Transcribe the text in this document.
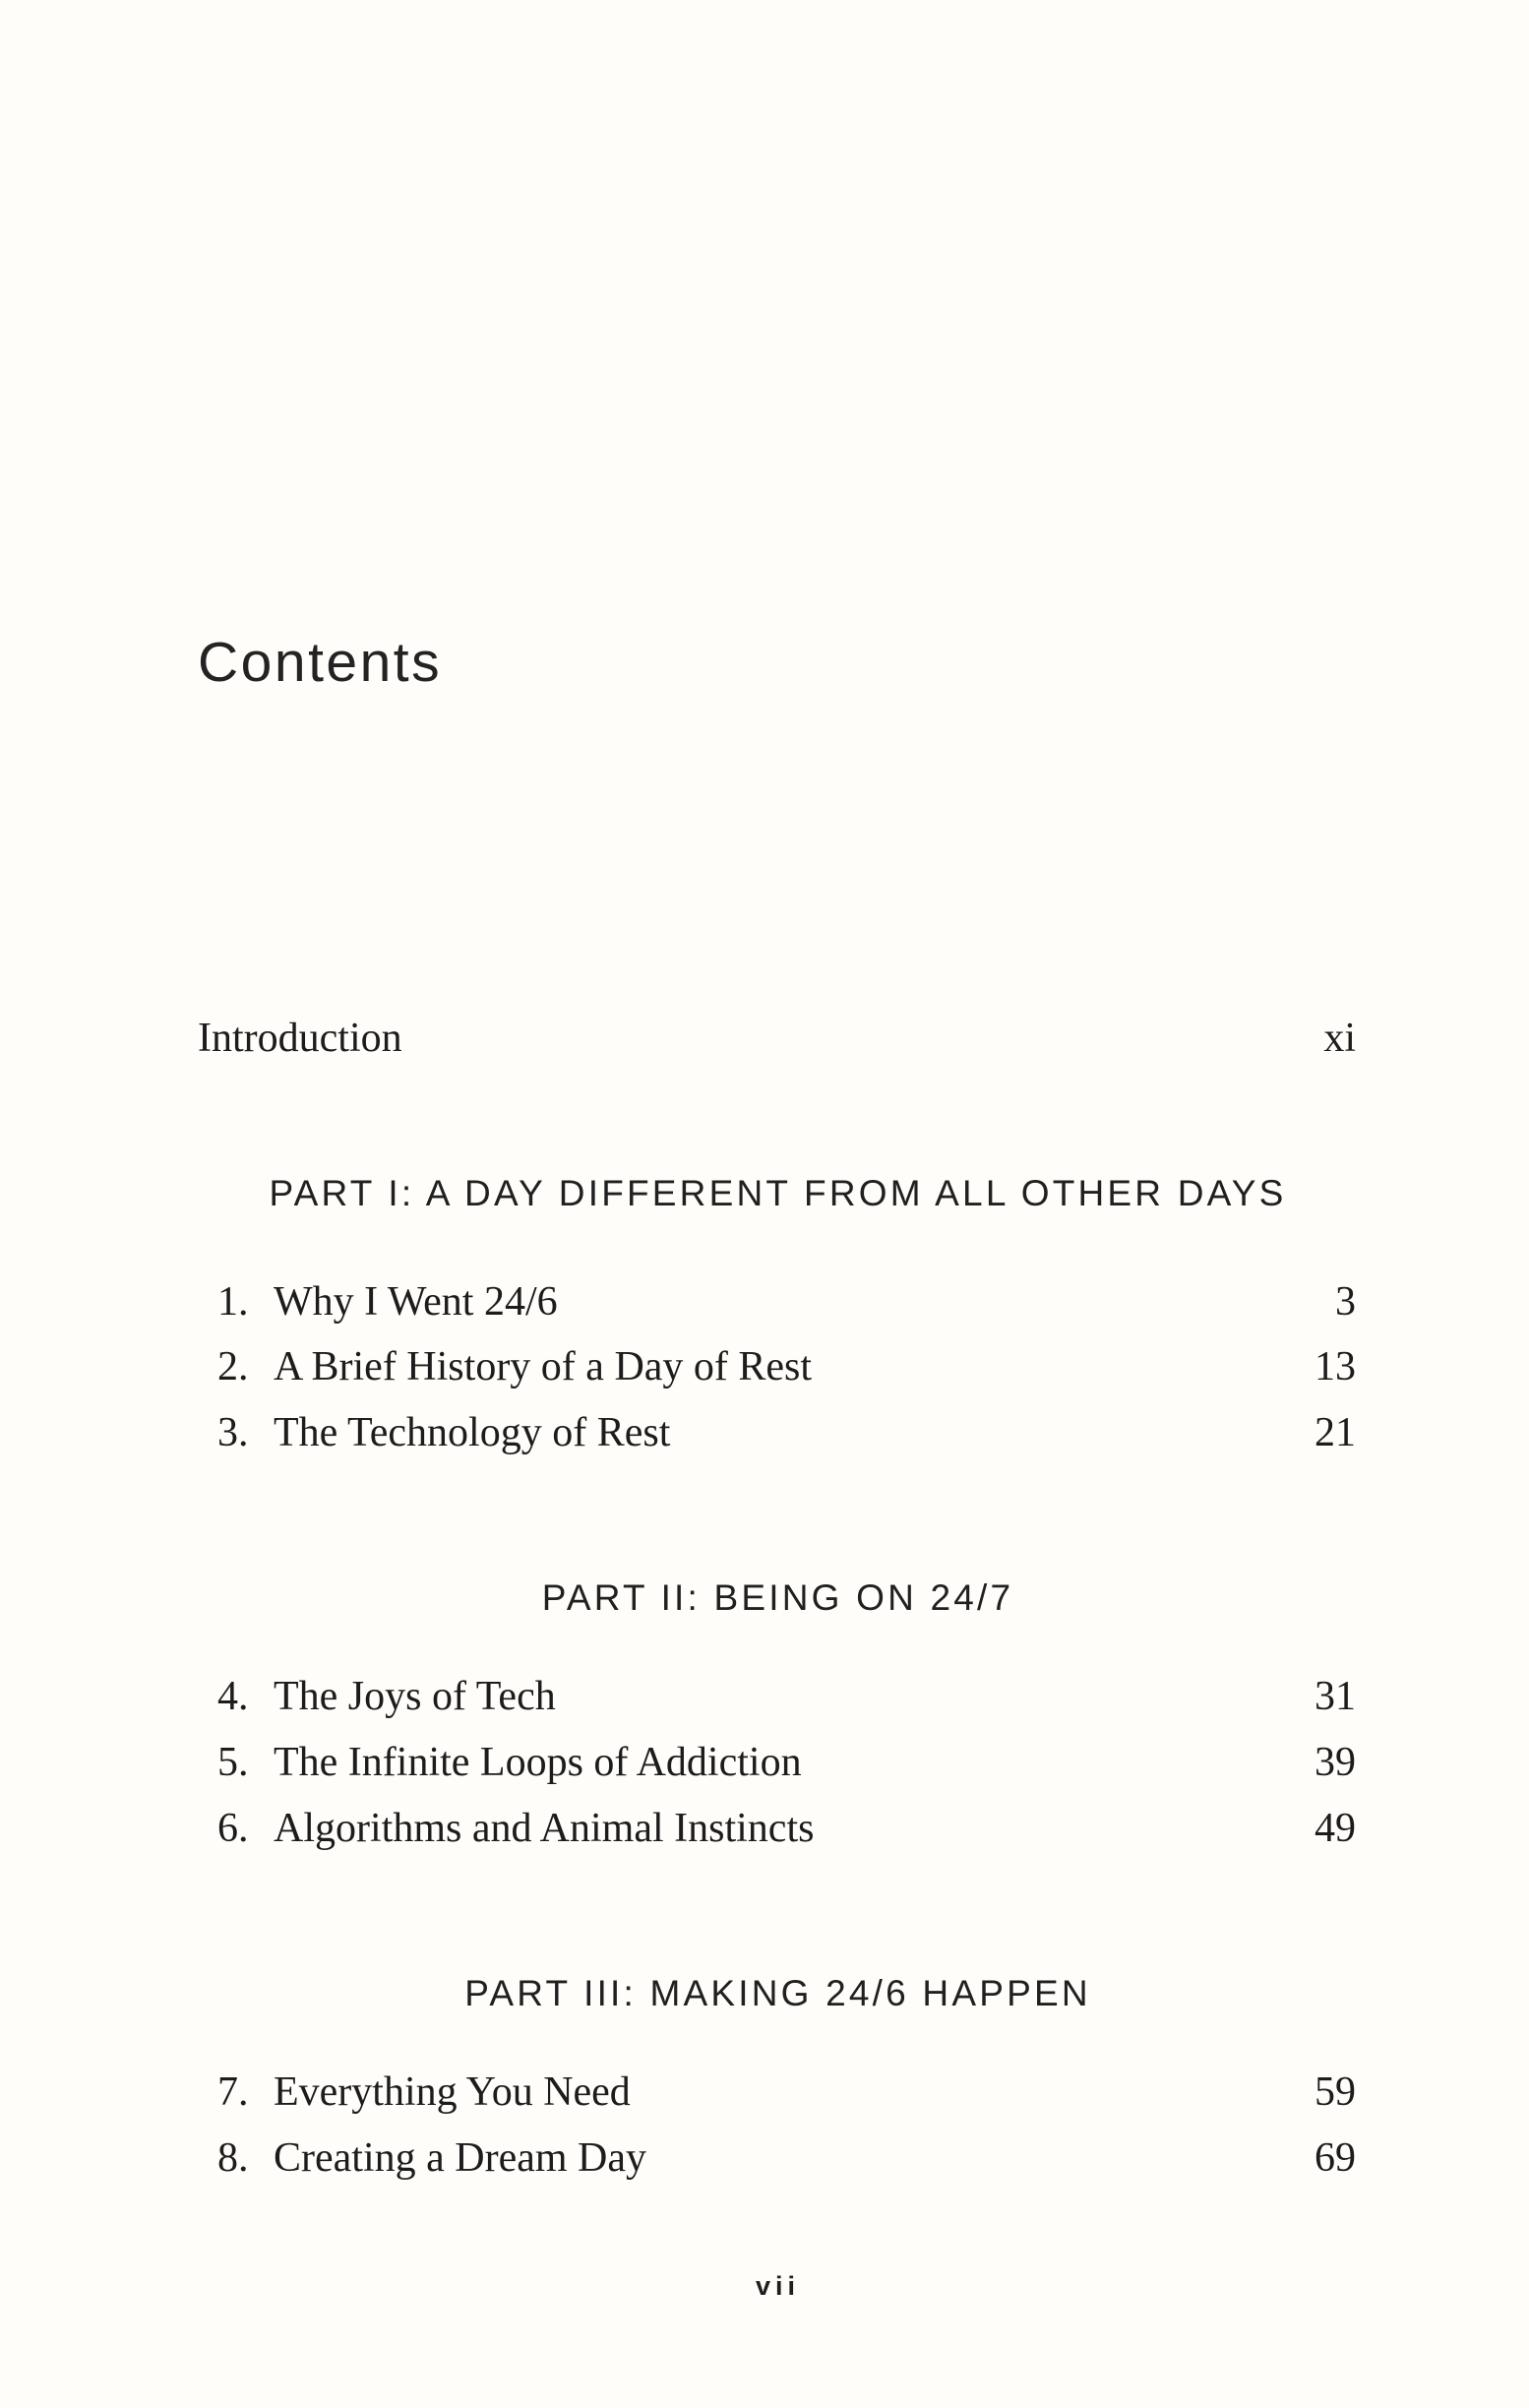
Contents
Introduction	xi
PART I: A DAY DIFFERENT FROM ALL OTHER DAYS
1. Why I Went 24/6	3
2. A Brief History of a Day of Rest	13
3. The Technology of Rest	21
PART II: BEING ON 24/7
4. The Joys of Tech	31
5. The Infinite Loops of Addiction	39
6. Algorithms and Animal Instincts	49
PART III: MAKING 24/6 HAPPEN
7. Everything You Need	59
8. Creating a Dream Day	69
vii
